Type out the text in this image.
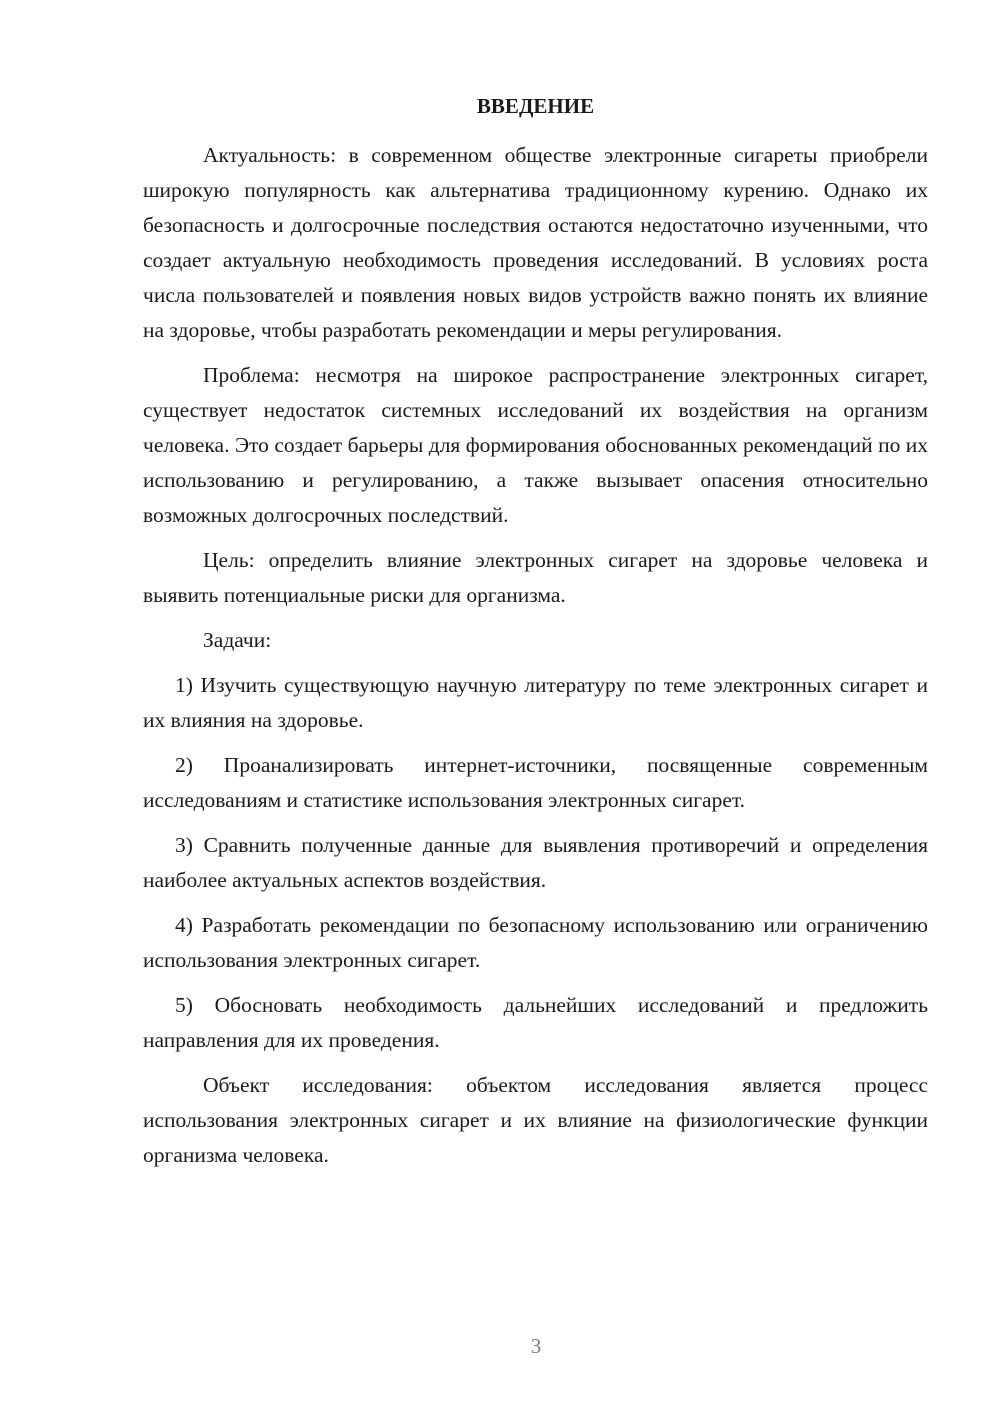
ВВЕДЕНИЕ

Актуальность: в современном обществе электронные сигареты приобрели широкую популярность как альтернатива традиционному курению. Однако их безопасность и долгосрочные последствия остаются недостаточно изученными, что создает актуальную необходимость проведения исследований. В условиях роста числа пользователей и появления новых видов устройств важно понять их влияние на здоровье, чтобы разработать рекомендации и меры регулирования.

Проблема: несмотря на широкое распространение электронных сигарет, существует недостаток системных исследований их воздействия на организм человека. Это создает барьеры для формирования обоснованных рекомендаций по их использованию и регулированию, а также вызывает опасения относительно возможных долгосрочных последствий.

Цель: определить влияние электронных сигарет на здоровье человека и выявить потенциальные риски для организма.

Задачи:

1) Изучить существующую научную литературу по теме электронных сигарет и их влияния на здоровье.

2) Проанализировать интернет-источники, посвященные современным исследованиям и статистике использования электронных сигарет.

3) Сравнить полученные данные для выявления противоречий и определения наиболее актуальных аспектов воздействия.

4) Разработать рекомендации по безопасному использованию или ограничению использования электронных сигарет.

5) Обосновать необходимость дальнейших исследований и предложить направления для их проведения.

Объект исследования: объектом исследования является процесс использования электронных сигарет и их влияние на физиологические функции организма человека.

3
